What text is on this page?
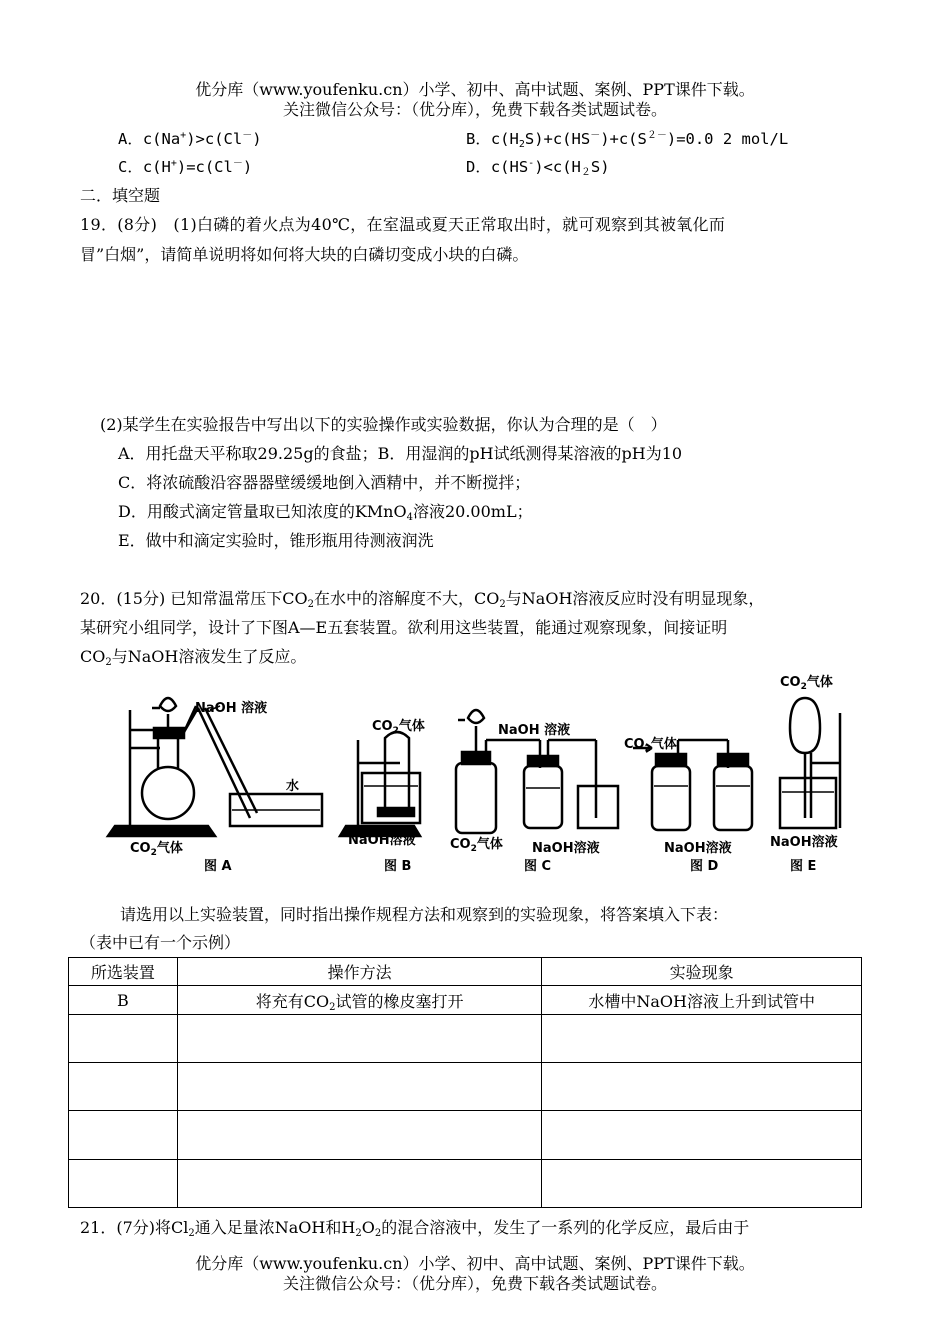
优分库（www.youfenku.cn）小学、初中、高中试题、案例、PPT课件下载。
关注微信公众号：（优分库），免费下载各类试题试卷。
A．c(Na+)>c(Cl－)	B．$c(H_2S)+c(HS^-)+c(S^{2-})=0.0$ 2 mol/L
C．c(H+)=c(Cl－)	D．$c(HS^-)<c(H_2S)$
二．填空题
19．(8分)　(1)白磷的着火点为40℃，在室温或夏天正常取出时，就可观察到其被氧化而
冒”白烟”，请简单说明将如何将大块的白磷切变成小块的白磷。
(2)某学生在实验报告中写出以下的实验操作或实验数据，你认为合理的是（　）
A．用托盘天平称取29.25g的食盐；B．用湿润的pH试纸测得某溶液的pH为10
C．将浓硫酸沿容器器壁缓缓地倒入酒精中，并不断搅拌；
D．用酸式滴定管量取已知浓度的KMnO$_4$溶液20.00mL；
E．做中和滴定实验时，锥形瓶用待测液润洗
20．(15分) 已知常温常压下$CO_2$在水中的溶解度不大，$CO_2$与NaOH溶液反应时没有明显现象，
某研究小组同学，设计了下图A—E五套装置。欲利用这些装置，能通过观察现象，间接证明
$CO_2$与NaOH溶液发生了反应。
NaOH 溶液
水
$CO_2$气体
图 A
$CO_2$气体
NaOH溶液
图 B
NaOH 溶液
$CO_2$气体 NaOH溶液
图 C
$CO_2$气体
NaOH溶液
图 D
$CO_2$气体
NaOH溶液
图 E
请选用以上实验装置，同时指出操作规程方法和观察到的实验现象，将答案填入下表：
（表中已有一个示例）
所选装置	操作方法	实验现象
B	将充有$CO_2$试管的橡皮塞打开	水槽中NaOH溶液上升到试管中

21．(7分)将$Cl_2$通入足量浓NaOH和$H_2O_2$的混合溶液中，发生了一系列的化学反应，最后由于
优分库（www.youfenku.cn）小学、初中、高中试题、案例、PPT课件下载。
关注微信公众号：（优分库），免费下载各类试题试卷。
